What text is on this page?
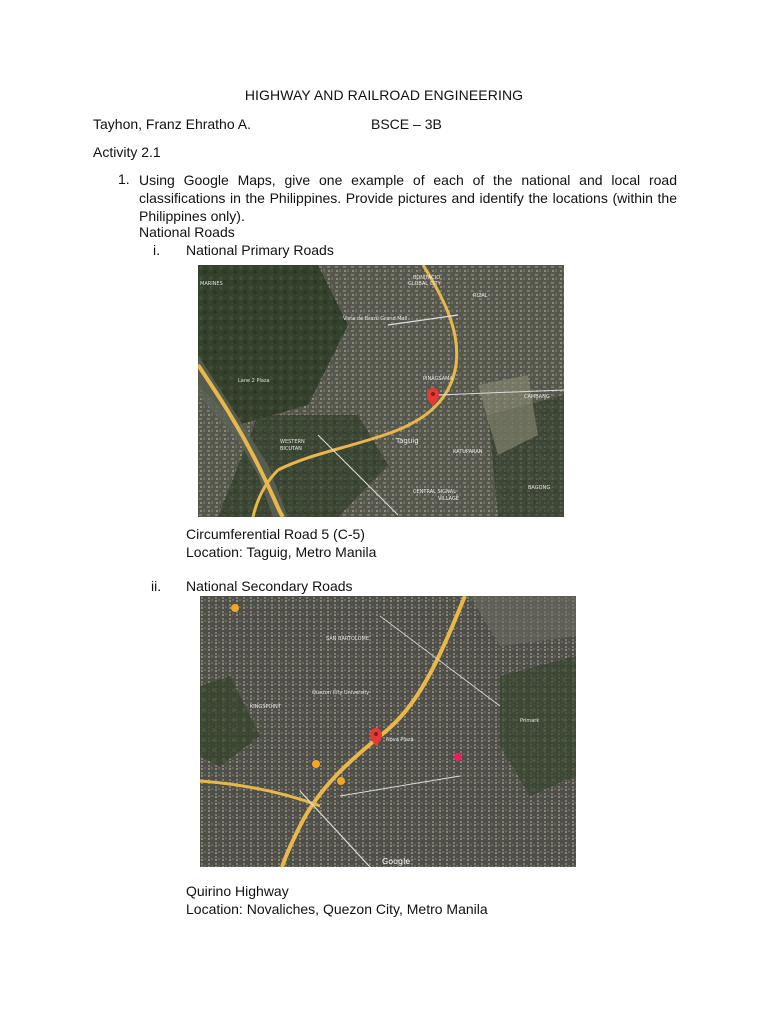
HIGHWAY AND RAILROAD ENGINEERING
Tayhon, Franz Ehratho A.	BSCE – 3B
Activity 2.1
1. Using Google Maps, give one example of each of the national and local road classifications in the Philippines. Provide pictures and identify the locations (within the Philippines only).
National Roads
i. National Primary Roads
BONIFACIO
GLOBAL CITY
RIZAL
Vista de Brazil Grand Mall
PINAGSAMA
CAMBANG
WESTERN
BICUTAN
Taguig
KATUPARAN
CENTRAL SIGNAL
VILLAGE
BAGONG
MARINES
Lane 2 Plaza
Circumferential Road 5 (C-5)
Location: Taguig, Metro Manila
ii. National Secondary Roads
SAN BARTOLOME
KINGSPOINT
Quezon City University
Nova Plaza
Primark
Google
Quirino Highway
Location: Novaliches, Quezon City, Metro Manila
